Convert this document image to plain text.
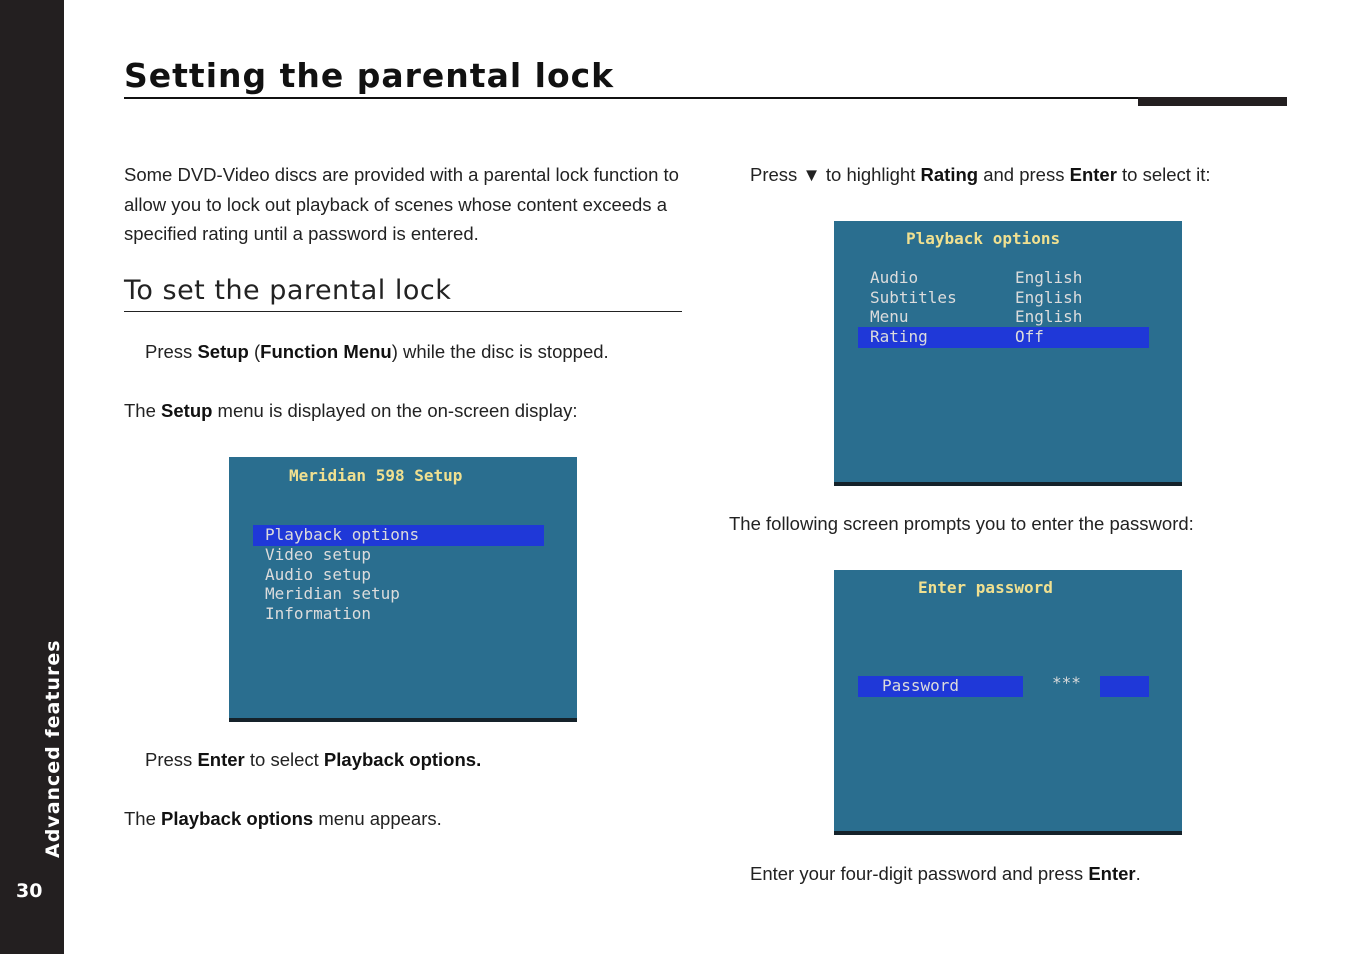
Advanced features
30
Setting the parental lock

Some DVD-Video discs are provided with a parental lock function to allow you to lock out playback of scenes whose content exceeds a specified rating until a password is entered.

To set the parental lock

Press Setup (Function Menu) while the disc is stopped.

The Setup menu is displayed on the on-screen display:

Meridian 598 Setup
Playback options
Video setup
Audio setup
Meridian setup
Information

Press Enter to select Playback options.

The Playback options menu appears.

Press ▼ to highlight Rating and press Enter to select it:

Playback options
Audio	English
Subtitles	English
Menu	English
Rating	Off

The following screen prompts you to enter the password:

Enter password
Password	***

Enter your four-digit password and press Enter.
